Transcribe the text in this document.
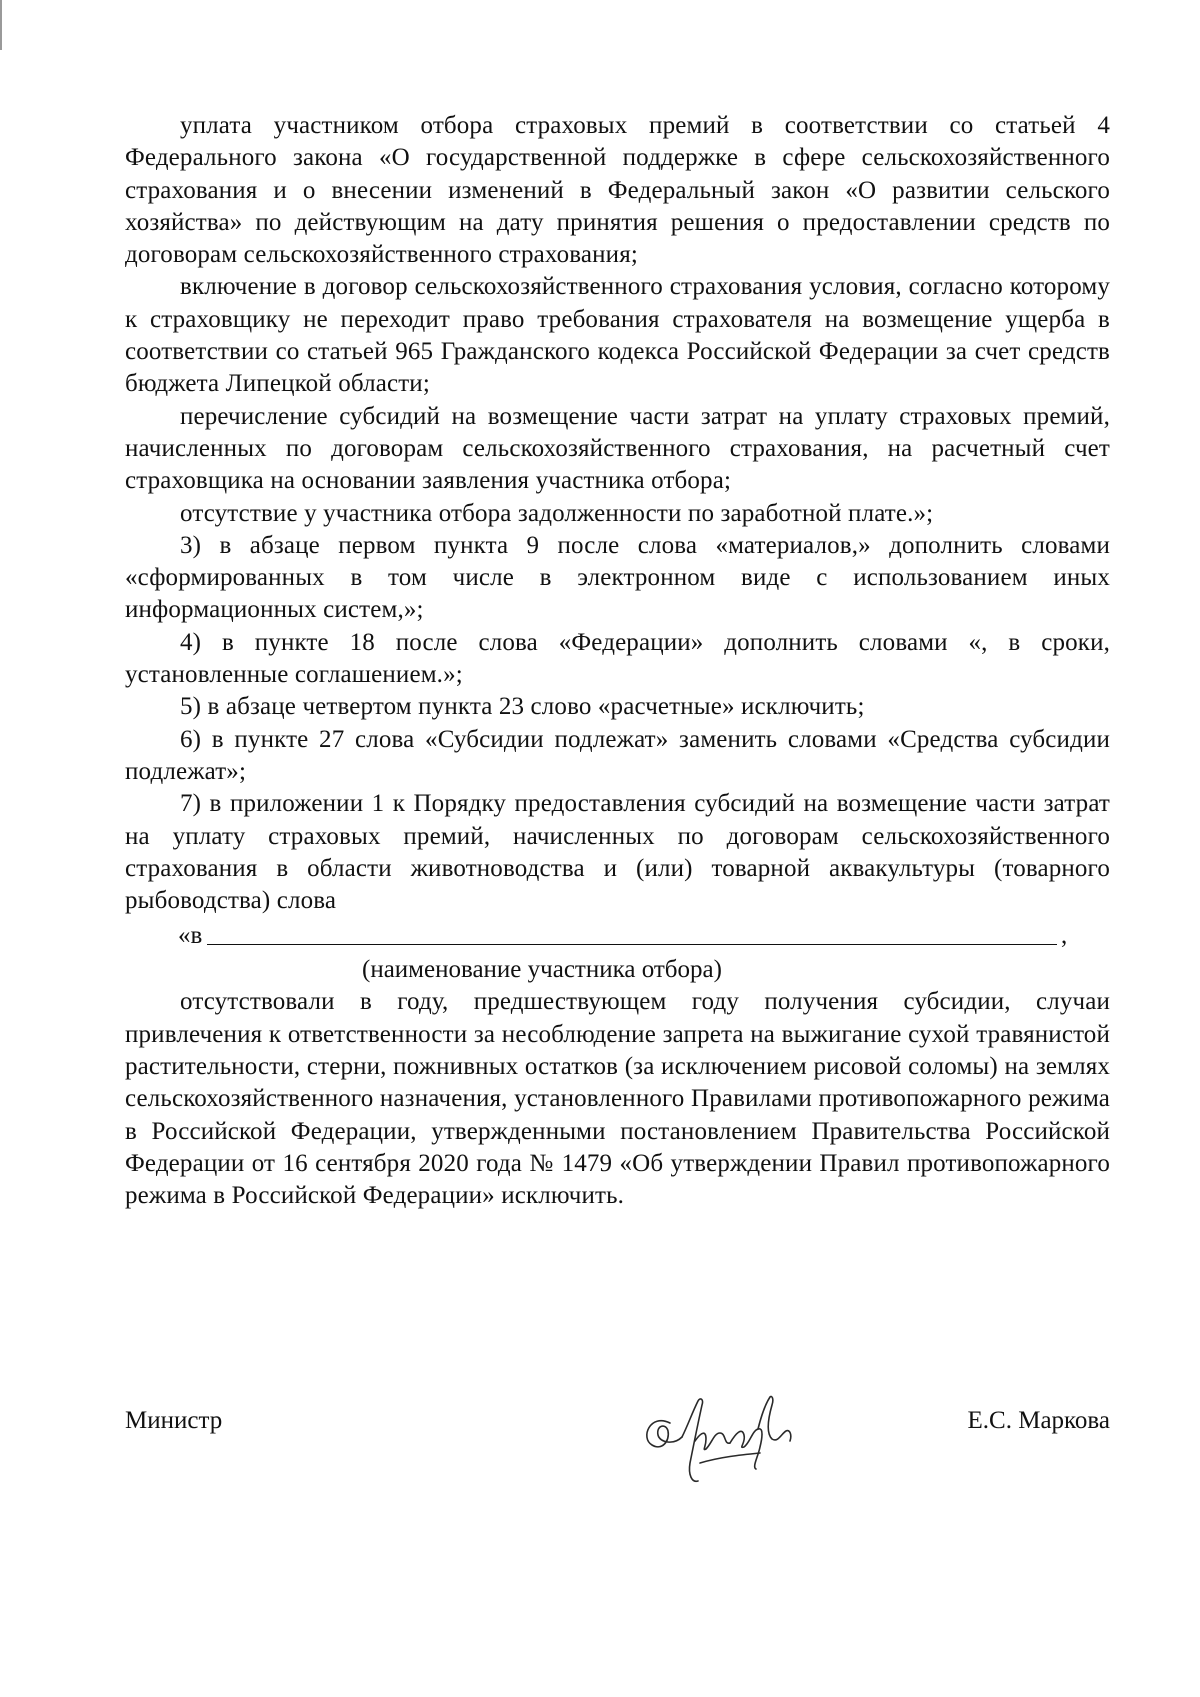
уплата участником отбора страховых премий в соответствии со статьей 4 Федерального закона «О государственной поддержке в сфере сельскохозяйственного страхования и о внесении изменений в Федеральный закон «О развитии сельского хозяйства» по действующим на дату принятия решения о предоставлении средств по договорам сельскохозяйственного страхования;

включение в договор сельскохозяйственного страхования условия, согласно которому к страховщику не переходит право требования страхователя на возмещение ущерба в соответствии со статьей 965 Гражданского кодекса Российской Федерации за счет средств бюджета Липецкой области;

перечисление субсидий на возмещение части затрат на уплату страховых премий, начисленных по договорам сельскохозяйственного страхования, на расчетный счет страховщика на основании заявления участника отбора;

отсутствие у участника отбора задолженности по заработной плате.»;

3) в абзаце первом пункта 9 после слова «материалов,» дополнить словами «сформированных в том числе в электронном виде с использованием иных информационных систем,»;

4) в пункте 18 после слова «Федерации» дополнить словами «, в сроки, установленные соглашением.»;

5) в абзаце четвертом пункта 23 слово «расчетные» исключить;

6) в пункте 27 слова «Субсидии подлежат» заменить словами «Средства субсидии подлежат»;

7) в приложении 1 к Порядку предоставления субсидий на возмещение части затрат на уплату страховых премий, начисленных по договорам сельскохозяйственного страхования в области животноводства и (или) товарной аквакультуры (товарного рыбоводства) слова

«в	,

(наименование участника отбора)

отсутствовали в году, предшествующем году получения субсидии, случаи привлечения к ответственности за несоблюдение запрета на выжигание сухой травянистой растительности, стерни, пожнивных остатков (за исключением рисовой соломы) на землях сельскохозяйственного назначения, установленного Правилами противопожарного режима в Российской Федерации, утвержденными постановлением Правительства Российской Федерации от 16 сентября 2020 года № 1479 «Об утверждении Правил противопожарного режима в Российской Федерации» исключить.

Министр	Е.С. Маркова
